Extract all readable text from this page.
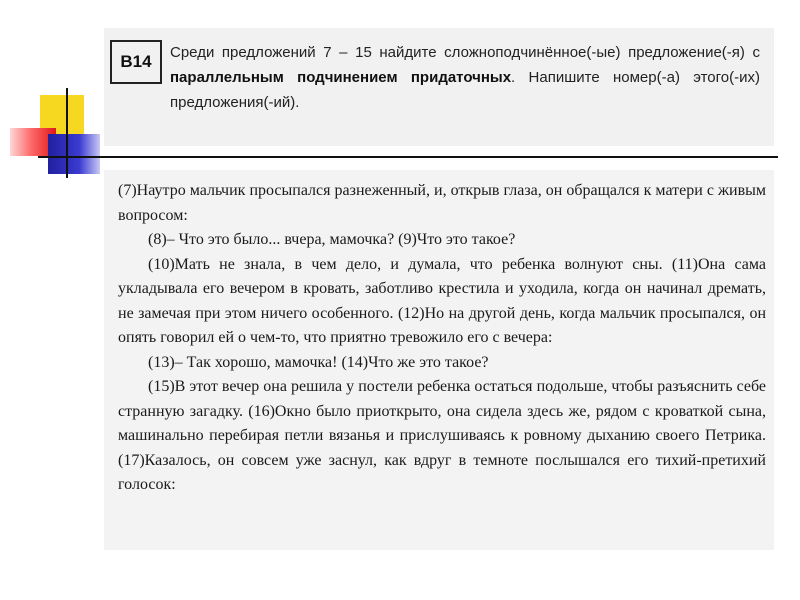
B14	Среди предложений 7 – 15 найдите сложноподчинённое(-ые) предложение(-я) с параллельным подчинением придаточных. Напишите номер(-а) этого(-их) предложения(-ий).

(7)Наутро мальчик просыпался разнеженный, и, открыв глаза, он обращался к матери с живым вопросом:

(8)– Что это было... вчера, мамочка? (9)Что это такое?

(10)Мать не знала, в чем дело, и думала, что ребенка волнуют сны. (11)Она сама укладывала его вечером в кровать, заботливо крестила и уходила, когда он начинал дремать, не замечая при этом ничего особенного. (12)Но на другой день, когда мальчик просыпался, он опять говорил ей о чем-то, что приятно тревожило его с вечера:

(13)– Так хорошо, мамочка! (14)Что же это такое?

(15)В этот вечер она решила у постели ребенка остаться подольше, чтобы разъяснить себе странную загадку. (16)Окно было приоткрыто, она сидела здесь же, рядом с кроваткой сына, машинально перебирая петли вязанья и прислушиваясь к ровному дыханию своего Петрика. (17)Казалось, он совсем уже заснул, как вдруг в темноте послышался его тихий-претихий голосок:
